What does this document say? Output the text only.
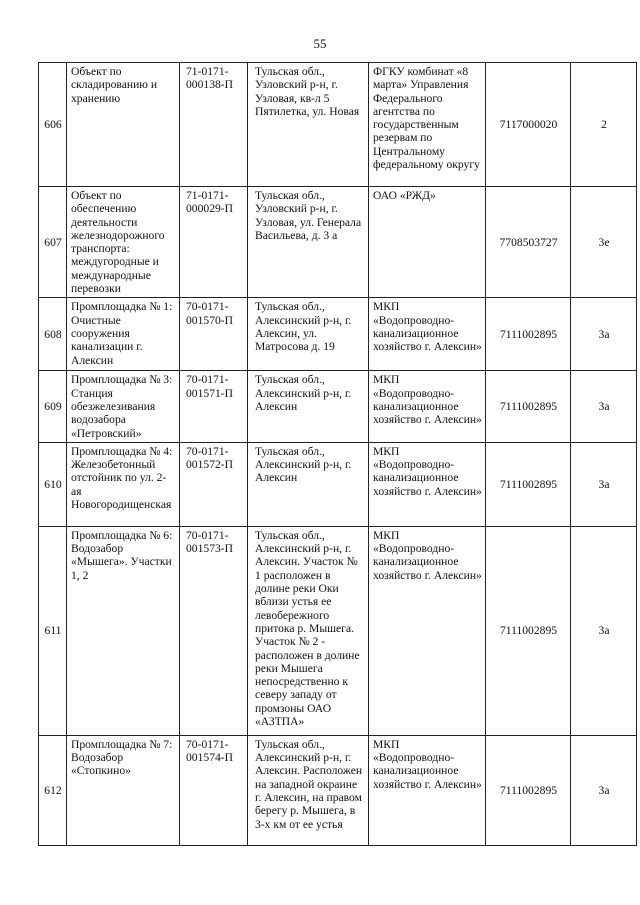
55
606	Объект по складированию и хранению	71-0171-000138-П	Тульская обл., Узловский р-н, г. Узловая, кв-л 5 Пятилетка, ул. Новая	ФГКУ комбинат «8 марта» Управления Федерального агентства по государственным резервам по Центральному федеральному округу	7117000020	2
607	Объект по обеспечению деятельности железнодорожного транспорта: междугородные и международные перевозки	71-0171-000029-П	Тульская обл., Узловский р-н, г. Узловая, ул. Генерала Васильева, д. 3 а	ОАО «РЖД»	7708503727	3е
608	Промплощадка № 1: Очистные сооружения канализации г. Алексин	70-0171-001570-П	Тульская обл., Алексинский р-н, г. Алексин, ул. Матросова д. 19	МКП «Водопроводно-канализационное хозяйство г. Алексин»	7111002895	3а
609	Промплощадка № 3: Станция обезжелезивания водозабора «Петровский»	70-0171-001571-П	Тульская обл., Алексинский р-н, г. Алексин	МКП «Водопроводно-канализационное хозяйство г. Алексин»	7111002895	3а
610	Промплощадка № 4: Железобетонный отстойник по ул. 2-ая Новогородищенская	70-0171-001572-П	Тульская обл., Алексинский р-н, г. Алексин	МКП «Водопроводно-канализационное хозяйство г. Алексин»	7111002895	3а
611	Промплощадка № 6: Водозабор «Мышега». Участки 1, 2	70-0171-001573-П	Тульская обл., Алексинский р-н, г. Алексин. Участок № 1 расположен в долине реки Оки вблизи устья ее левобережного притока р. Мышега. Участок № 2 - расположен в долине реки Мышега непосредственно к северу западу от промзоны ОАО «АЗТПА»	МКП «Водопроводно-канализационное хозяйство г. Алексин»	7111002895	3а
612	Промплощадка № 7: Водозабор «Стопкино»	70-0171-001574-П	Тульская обл., Алексинский р-н, г. Алексин. Расположен на западной окраине г. Алексин, на правом берегу р. Мышега, в 3-х км от ее устья	МКП «Водопроводно-канализационное хозяйство г. Алексин»	7111002895	3а
